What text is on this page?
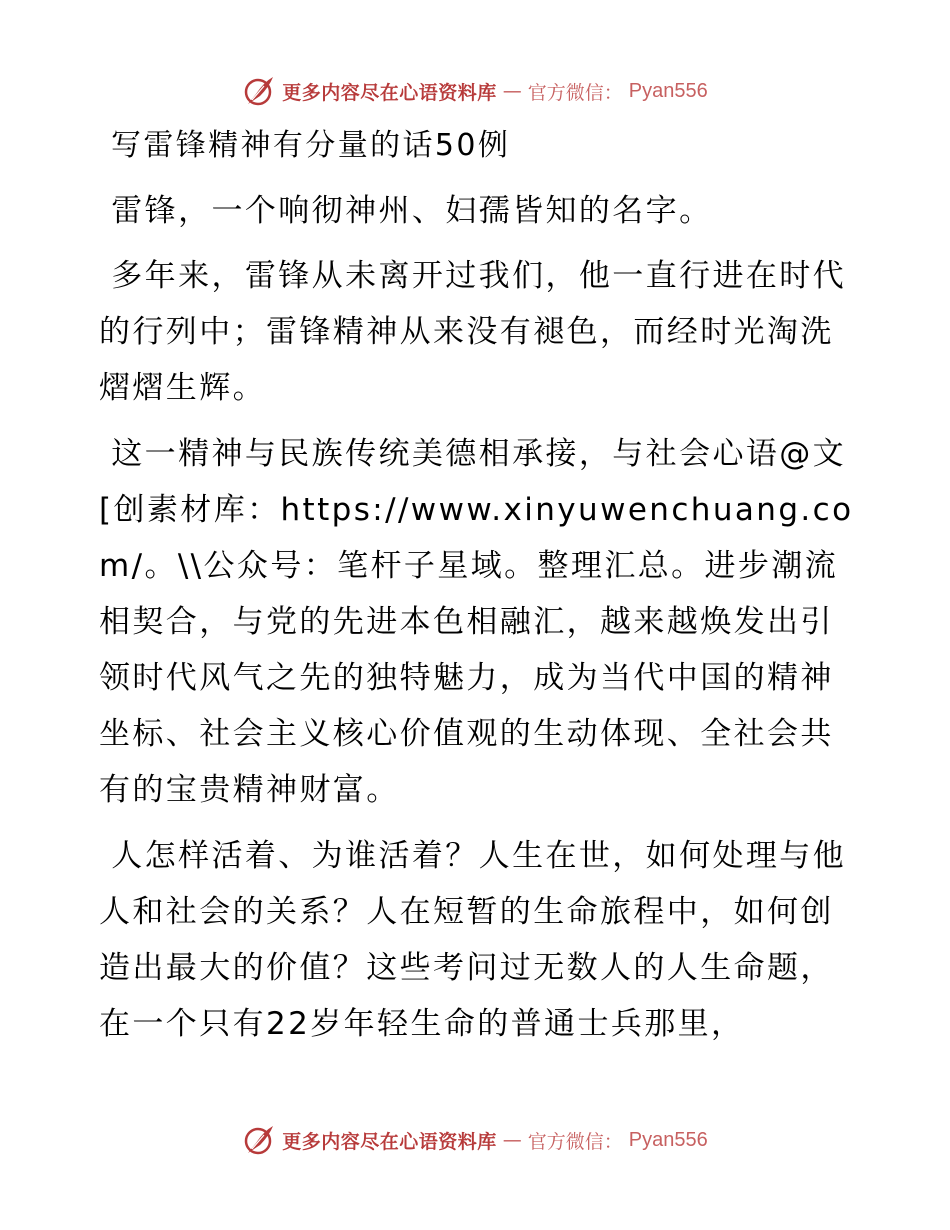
更多内容尽在心语资料库 — 官方微信： Pyan556

写雷锋精神有分量的话50例

雷锋，一个响彻神州、妇孺皆知的名字。

多年来，雷锋从未离开过我们，他一直行进在时代的行列中；雷锋精神从来没有褪色，而经时光淘洗熠熠生辉。

这一精神与民族传统美德相承接，与社会心语@文[创素材库：https://www.xinyuwenchuang.com/。\\公众号：笔杆子星域。整理汇总。进步潮流相契合，与党的先进本色相融汇，越来越焕发出引领时代风气之先的独特魅力，成为当代中国的精神坐标、社会主义核心价值观的生动体现、全社会共有的宝贵精神财富。

人怎样活着、为谁活着？人生在世，如何处理与他人和社会的关系？人在短暂的生命旅程中，如何创造出最大的价值？这些考问过无数人的人生命题，在一个只有22岁年轻生命的普通士兵那里，

更多内容尽在心语资料库 — 官方微信： Pyan556
